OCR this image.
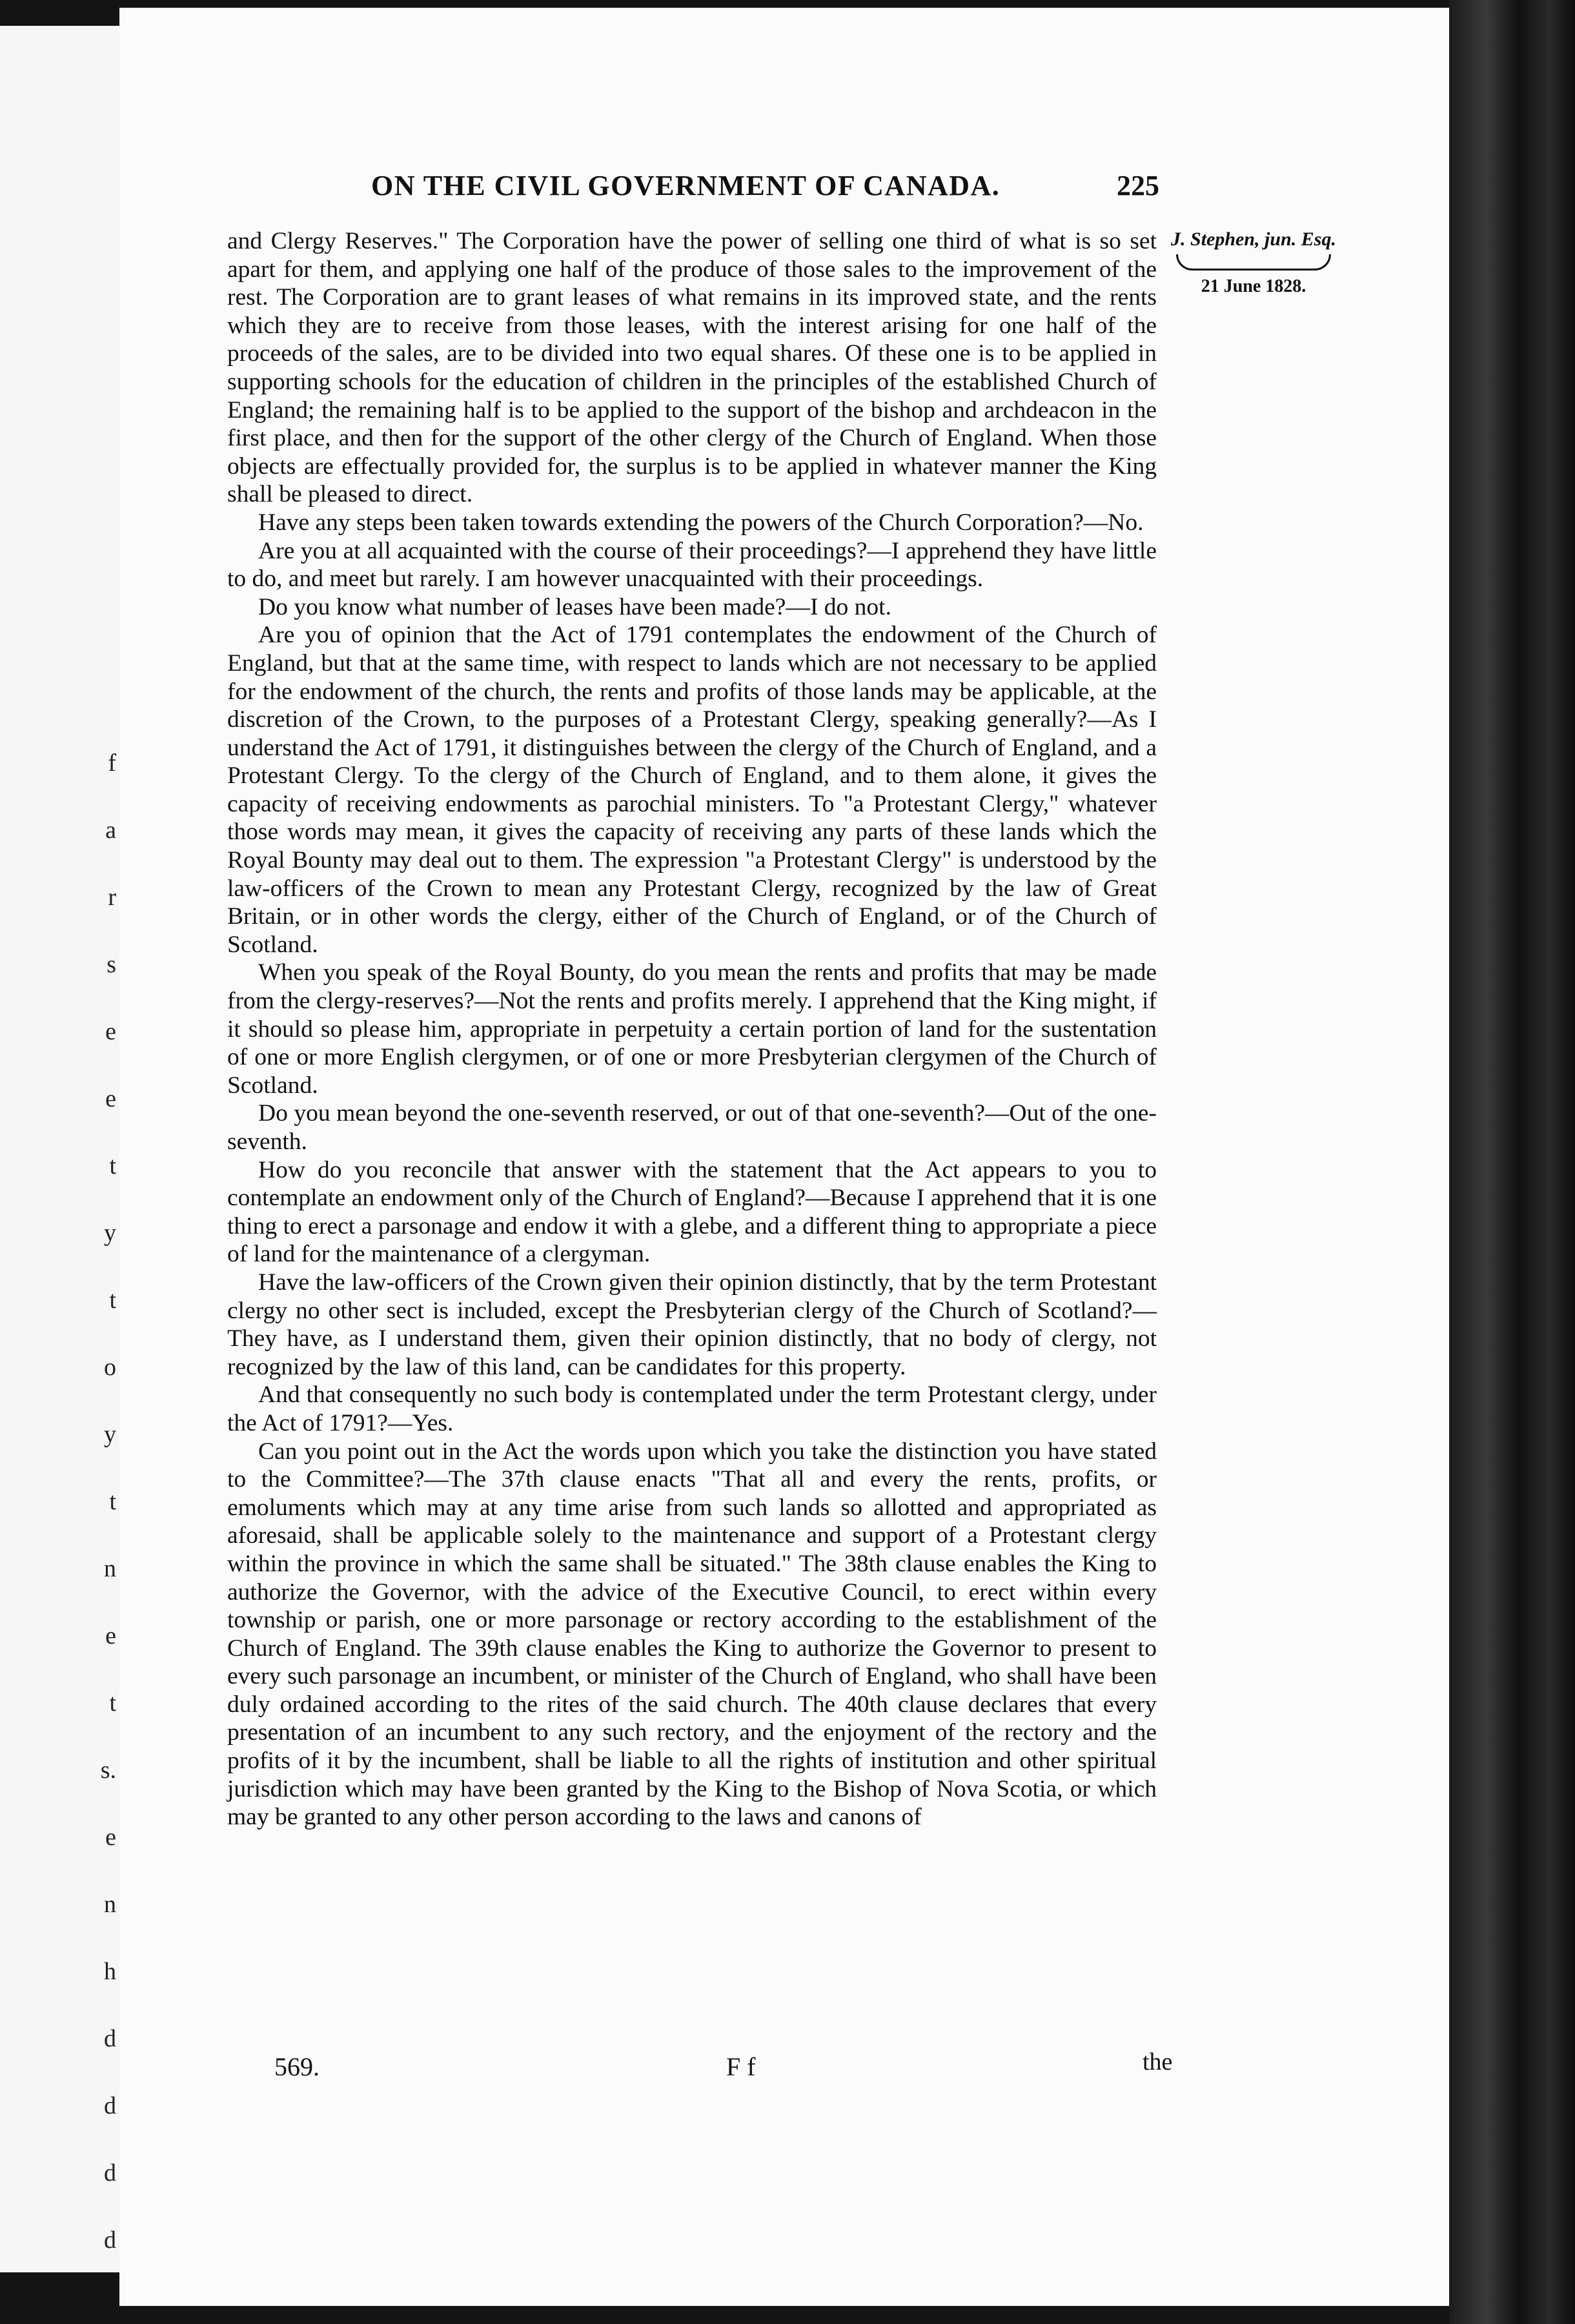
f
a
r
s
e
e
t
y
t
o
y
t
n
e
t
s.
e
n
h
d
d
d
d
ON THE CIVIL GOVERNMENT OF CANADA.	225
J. Stephen, jun. Esq.
21 June 1828.

and Clergy Reserves." The Corporation have the power of selling one third of what is so set apart for them, and applying one half of the produce of those sales to the improvement of the rest. The Corporation are to grant leases of what remains in its improved state, and the rents which they are to receive from those leases, with the interest arising for one half of the proceeds of the sales, are to be divided into two equal shares. Of these one is to be applied in supporting schools for the education of children in the principles of the established Church of England; the remaining half is to be applied to the support of the bishop and archdeacon in the first place, and then for the support of the other clergy of the Church of England. When those objects are effectually provided for, the surplus is to be applied in whatever manner the King shall be pleased to direct.

Have any steps been taken towards extending the powers of the Church Corporation?—No.

Are you at all acquainted with the course of their proceedings?—I apprehend they have little to do, and meet but rarely. I am however unacquainted with their proceedings.

Do you know what number of leases have been made?—I do not.

Are you of opinion that the Act of 1791 contemplates the endowment of the Church of England, but that at the same time, with respect to lands which are not necessary to be applied for the endowment of the church, the rents and profits of those lands may be applicable, at the discretion of the Crown, to the purposes of a Protestant Clergy, speaking generally?—As I understand the Act of 1791, it distinguishes between the clergy of the Church of England, and a Protestant Clergy. To the clergy of the Church of England, and to them alone, it gives the capacity of receiving endowments as parochial ministers. To "a Protestant Clergy," whatever those words may mean, it gives the capacity of receiving any parts of these lands which the Royal Bounty may deal out to them. The expression "a Protestant Clergy" is understood by the law-officers of the Crown to mean any Protestant Clergy, recognized by the law of Great Britain, or in other words the clergy, either of the Church of England, or of the Church of Scotland.

When you speak of the Royal Bounty, do you mean the rents and profits that may be made from the clergy-reserves?—Not the rents and profits merely. I apprehend that the King might, if it should so please him, appropriate in perpetuity a certain portion of land for the sustentation of one or more English clergymen, or of one or more Presbyterian clergymen of the Church of Scotland.

Do you mean beyond the one-seventh reserved, or out of that one-seventh?—Out of the one-seventh.

How do you reconcile that answer with the statement that the Act appears to you to contemplate an endowment only of the Church of England?—Because I apprehend that it is one thing to erect a parsonage and endow it with a glebe, and a different thing to appropriate a piece of land for the maintenance of a clergyman.

Have the law-officers of the Crown given their opinion distinctly, that by the term Protestant clergy no other sect is included, except the Presbyterian clergy of the Church of Scotland?—They have, as I understand them, given their opinion distinctly, that no body of clergy, not recognized by the law of this land, can be candidates for this property.

And that consequently no such body is contemplated under the term Protestant clergy, under the Act of 1791?—Yes.

Can you point out in the Act the words upon which you take the distinction you have stated to the Committee?—The 37th clause enacts "That all and every the rents, profits, or emoluments which may at any time arise from such lands so allotted and appropriated as aforesaid, shall be applicable solely to the maintenance and support of a Protestant clergy within the province in which the same shall be situated." The 38th clause enables the King to authorize the Governor, with the advice of the Executive Council, to erect within every township or parish, one or more parsonage or rectory according to the establishment of the Church of England. The 39th clause enables the King to authorize the Governor to present to every such parsonage an incumbent, or minister of the Church of England, who shall have been duly ordained according to the rites of the said church. The 40th clause declares that every presentation of an incumbent to any such rectory, and the enjoyment of the rectory and the profits of it by the incumbent, shall be liable to all the rights of institution and other spiritual jurisdiction which may have been granted by the King to the Bishop of Nova Scotia, or which may be granted to any other person according to the laws and canons of

569.	F f	the
